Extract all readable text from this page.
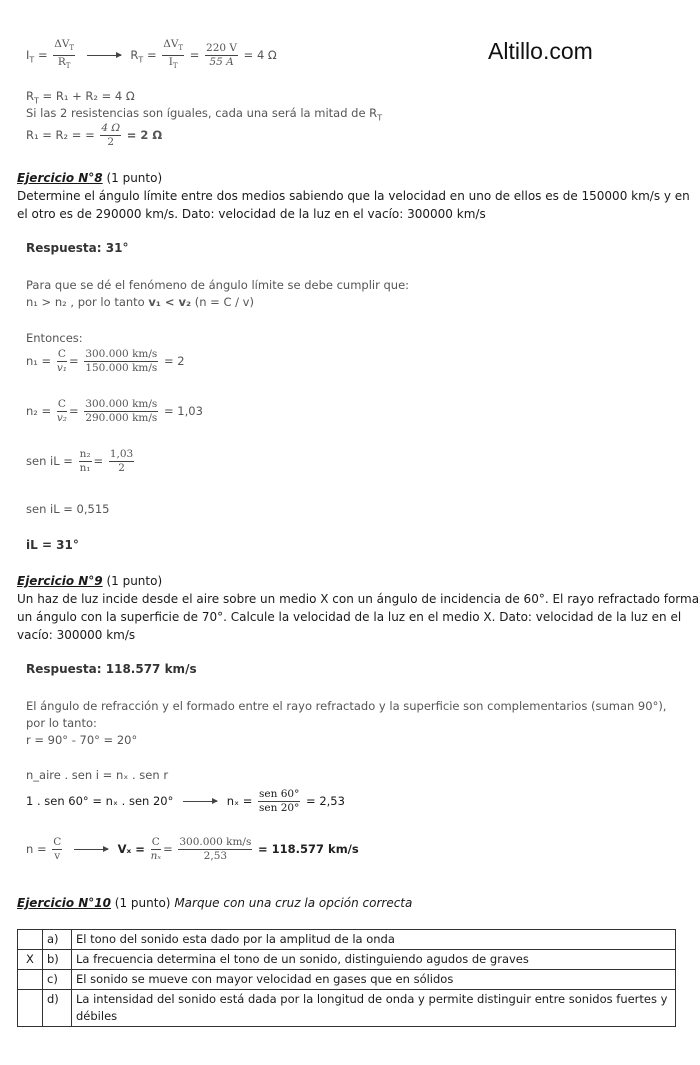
Altillo.com
$I_T = \frac{\Delta V_T}{R_T}$	$R_T = \frac{\Delta V_T}{I_T} = \frac{220 V}{55 A} = 4$ Ω
$R_T = R_1 + R_2 = 4$ Ω
Si las 2 resistencias son íguales, cada una será la mitad de $R_T$
R₁ = R₂ = = $\frac{4 \Omega}{2} = 2$ Ω
Ejercicio N°8 (1 punto)
Determine el ángulo límite entre dos medios sabiendo que la velocidad en uno de ellos es de 150000 km/s y en
el otro es de 290000 km/s. Dato: velocidad de la luz en el vacío: 300000 km/s
Respuesta: 31°
Para que se dé el fenómeno de ángulo límite se debe cumplir que:
n₁ > n₂ , por lo tanto v₁ < v₂ (n = C / v)
Entonces:
$n_1 = \frac{C}{\text{v₁}} = \frac{300.000 km/s}{150.000 km/s} = 2$
$n_2 = \frac{C}{\text{v₂}} = \frac{300.000 km/s}{290.000 km/s} = 1,03$
sen iL = $\frac{\text{n₂}}{\text{n₁}} = \frac{1,03}{2}$
sen iL = 0,515
iL = 31°
Ejercicio N°9 (1 punto)
Un haz de luz incide desde el aire sobre un medio X con un ángulo de incidencia de 60°. El rayo refractado forma
un ángulo con la superficie de 70°. Calcule la velocidad de la luz en el medio X. Dato: velocidad de la luz en el
vacío: 300000 km/s
Respuesta: 118.577 km/s
El ángulo de refracción y el formado entre el rayo refractado y la superficie son complementarios (suman 90°),
por lo tanto:
r = 90° - 70° = 20°
n_aire . sen i = nₓ . sen r
1 . sen 60° = nₓ . sen 20°	$n_x = \frac{\text{sen 60°}}{\text{sen 20°}} = 2,53$
$n = \frac{C}{v}$	$V_x = \frac{C}{\text{nₓ}} = \frac{300.000 km/s}{2,53} = 118.577$ km/s
Ejercicio N°10 (1 punto) Marque con una cruz la opción correcta
	a)	El tono del sonido esta dado por la amplitud de la onda
X	b)	La frecuencia determina el tono de un sonido, distinguiendo agudos de graves
	c)	El sonido se mueve con mayor velocidad en gases que en sólidos
	d)	La intensidad del sonido está dada por la longitud de onda y permite distinguir entre sonidos fuertes y débiles
